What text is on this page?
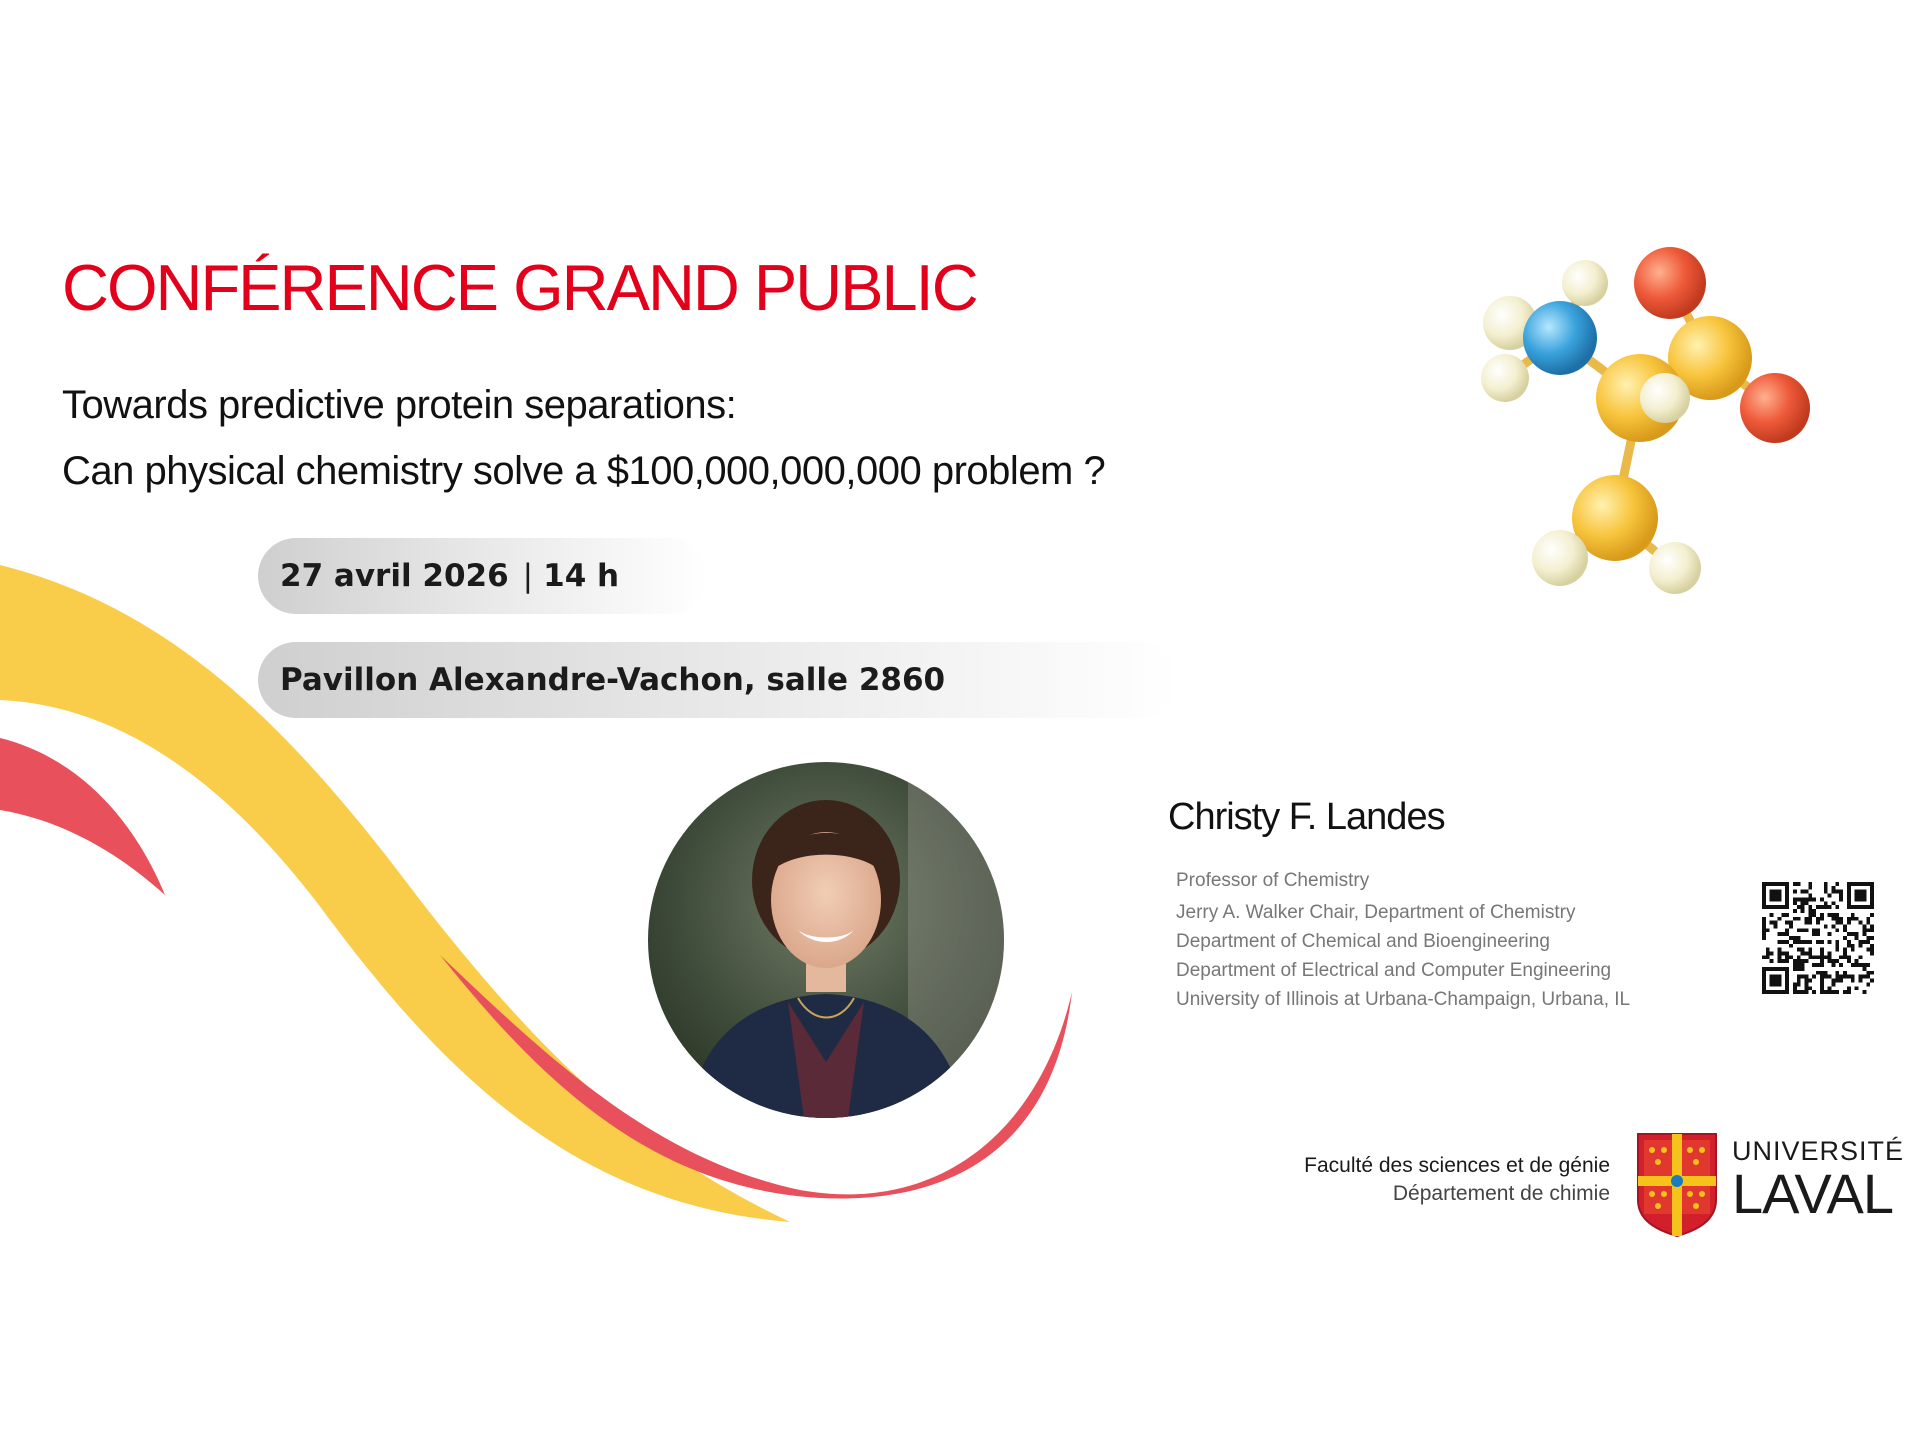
CONFÉRENCE GRAND PUBLIC
Towards predictive protein separations:
Can physical chemistry solve a $100,000,000,000 problem ?
27 avril 2026 | 14 h
Pavillon Alexandre-Vachon, salle 2860
Christy F. Landes
Professor of Chemistry
Jerry A. Walker Chair, Department of Chemistry
Department of Chemical and Bioengineering
Department of Electrical and Computer Engineering
University of Illinois at Urbana-Champaign, Urbana, IL
Faculté des sciences et de génie
Département de chimie
UNIVERSITÉ
LAVAL
